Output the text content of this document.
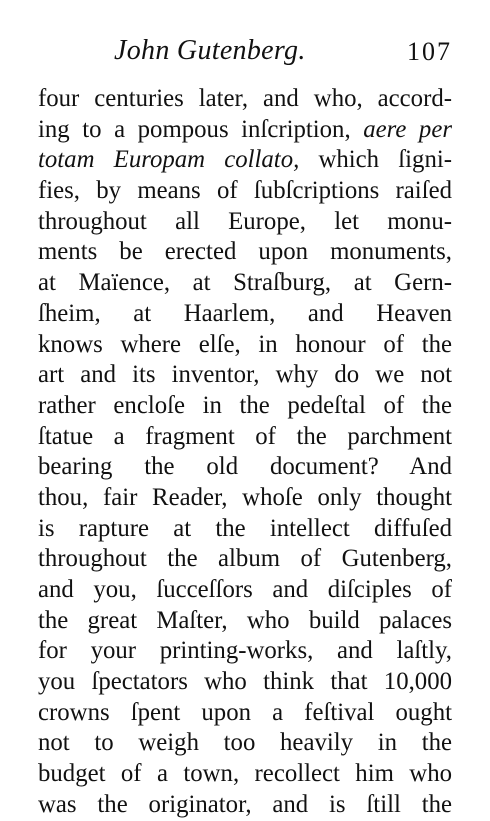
John Gutenberg.	107
four centuries later, and who, accord-
ing to a pompous inſcription, aere per
totam Europam collato, which ſigni-
fies, by means of ſubſcriptions raiſed
throughout all Europe, let monu-
ments be erected upon monuments,
at Maïence, at Straſburg, at Gern-
ſheim, at Haarlem, and Heaven
knows where elſe, in honour of the
art and its inventor, why do we not
rather encloſe in the pedeſtal of the
ſtatue a fragment of the parchment
bearing the old document? And
thou, fair Reader, whoſe only thought
is rapture at the intellect diffuſed
throughout the album of Gutenberg,
and you, ſucceſſors and diſciples of
the great Maſter, who build palaces
for your printing-works, and laſtly,
you ſpectators who think that 10,000
crowns ſpent upon a feſtival ought
not to weigh too heavily in the
budget of a town, recollect him who
was the originator, and is ſtill the
